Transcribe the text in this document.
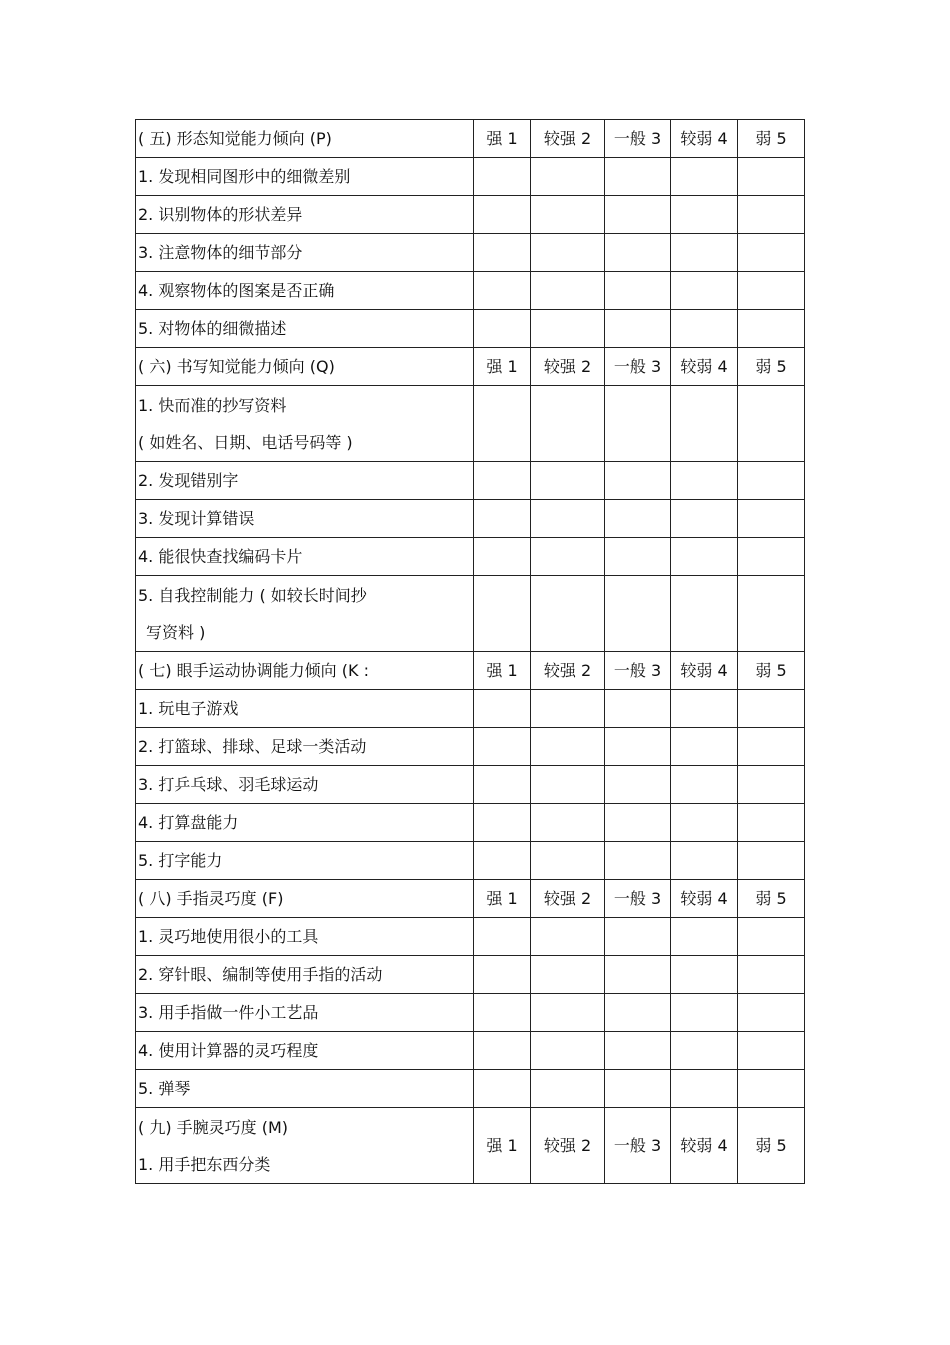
( 五) 形态知觉能力倾向 (P)	强 1	较强 2	一般 3	较弱 4	弱 5
1. 发现相同图形中的细微差别					
2. 识别物体的形状差异					
3. 注意物体的细节部分					
4. 观察物体的图案是否正确					
5. 对物体的细微描述					
( 六) 书写知觉能力倾向 (Q)	强 1	较强 2	一般 3	较弱 4	弱 5

1. 快而准的抄写资料
( 如姓名、日期、电话号码等 )					

2. 发现错别字					
3. 发现计算错误					
4. 能很快查找编码卡片					

5. 自我控制能力 ( 如较长时间抄
写资料 )					

( 七) 眼手运动协调能力倾向 (K :	强 1	较强 2	一般 3	较弱 4	弱 5
1. 玩电子游戏					
2. 打篮球、排球、足球一类活动					
3. 打乒乓球、羽毛球运动					
4. 打算盘能力					
5. 打字能力					
( 八) 手指灵巧度 (F)	强 1	较强 2	一般 3	较弱 4	弱 5
1. 灵巧地使用很小的工具					
2. 穿针眼、编制等使用手指的活动					
3. 用手指做一件小工艺品					
4. 使用计算器的灵巧程度					
5. 弹琴					

( 九) 手腕灵巧度 (M)
1. 用手把东西分类	强 1	较强 2	一般 3	较弱 4	弱 5
